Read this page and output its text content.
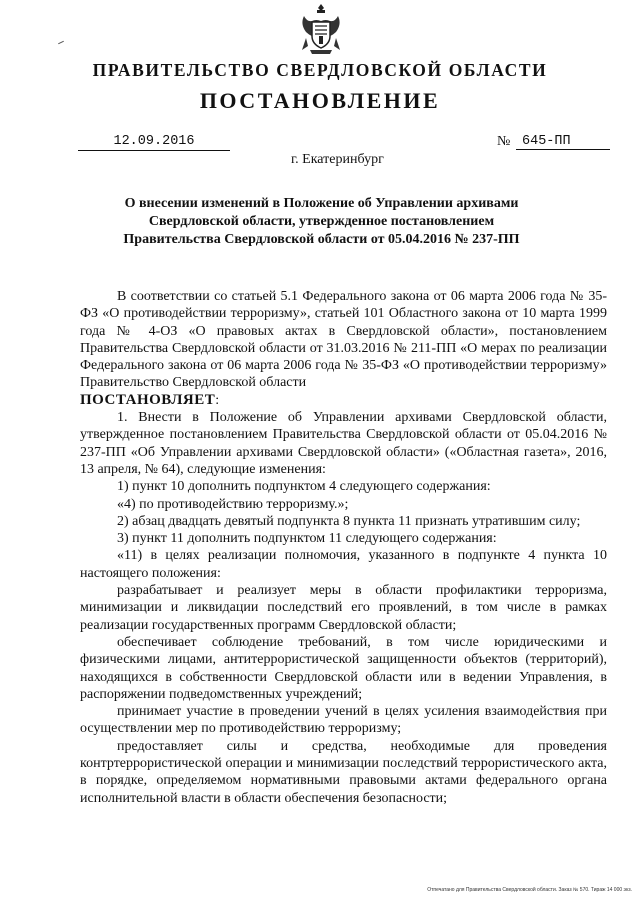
ПРАВИТЕЛЬСТВО СВЕРДЛОВСКОЙ ОБЛАСТИ
ПОСТАНОВЛЕНИЕ
12.09.2016	№ 645-ПП
г. Екатеринбург
О внесении изменений в Положение об Управлении архивами Свердловской области, утвержденное постановлением Правительства Свердловской области от 05.04.2016 № 237-ПП

В соответствии со статьей 5.1 Федерального закона от 06 марта 2006 года № 35-ФЗ «О противодействии терроризму», статьей 101 Областного закона от 10 марта 1999 года № 4-ОЗ «О правовых актах в Свердловской области», постановлением Правительства Свердловской области от 31.03.2016 № 211-ПП «О мерах по реализации Федерального закона от 06 марта 2006 года № 35-ФЗ «О противодействии терроризму» Правительство Свердловской области

ПОСТАНОВЛЯЕТ:

1. Внести в Положение об Управлении архивами Свердловской области, утвержденное постановлением Правительства Свердловской области от 05.04.2016 № 237-ПП «Об Управлении архивами Свердловской области» («Областная газета», 2016, 13 апреля, № 64), следующие изменения:

1) пункт 10 дополнить подпунктом 4 следующего содержания:

«4) по противодействию терроризму.»;

2) абзац двадцать девятый подпункта 8 пункта 11 признать утратившим силу;

3) пункт 11 дополнить подпунктом 11 следующего содержания:

«11) в целях реализации полномочия, указанного в подпункте 4 пункта 10 настоящего положения:

разрабатывает и реализует меры в области профилактики терроризма, минимизации и ликвидации последствий его проявлений, в том числе в рамках реализации государственных программ Свердловской области;

обеспечивает соблюдение требований, в том числе юридическими и физическими лицами, антитеррористической защищенности объектов (территорий), находящихся в собственности Свердловской области или в ведении Управления, в распоряжении подведомственных учреждений;

принимает участие в проведении учений в целях усиления взаимодействия при осуществлении мер по противодействию терроризму;

предоставляет силы и средства, необходимые для проведения контртеррористической операции и минимизации последствий террористического акта, в порядке, определяемом нормативными правовыми актами федерального органа исполнительной власти в области обеспечения безопасности;

Отпечатано для Правительства Свердловской области. Заказ № 570. Тираж 14 000 экз.
